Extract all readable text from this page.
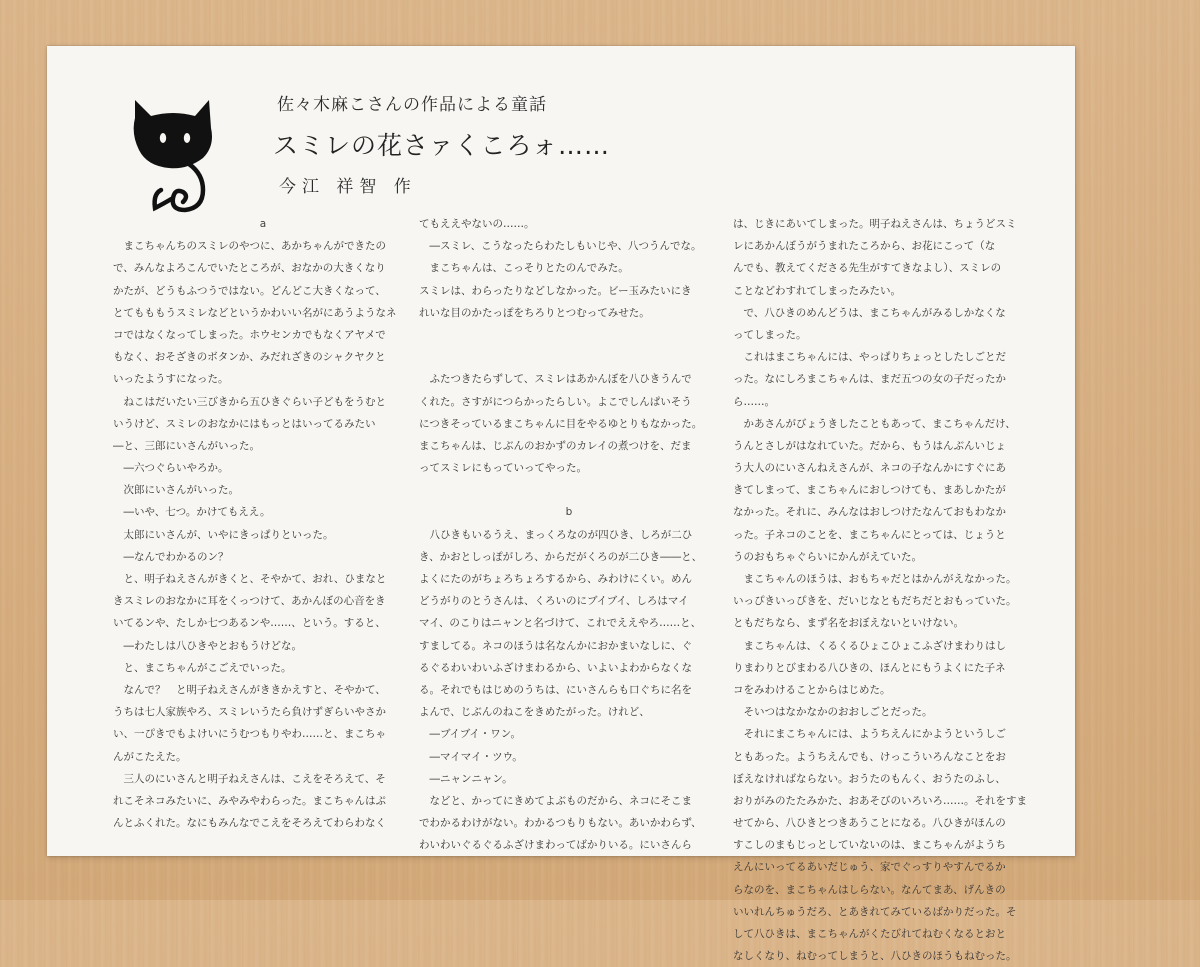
佐々木麻こさんの作品による童話
スミレの花さァくころォ……
今江 祥智 作
a
　まこちゃんちのスミレのやつに、あかちゃんができたの
で、みんなよろこんでいたところが、おなかの大きくなり
かたが、どうもふつうではない。どんどこ大きくなって、
とてもももうスミレなどというかわいい名がにあうようなネ
コではなくなってしまった。ホウセンカでもなくアヤメで
もなく、おそざきのボタンか、みだれざきのシャクヤクと
いったようすになった。
　ねこはだいたい三びきから五ひきぐらい子どもをうむと
いうけど、スミレのおなかにはもっとはいってるみたい
―と、三郎にいさんがいった。
　―六つぐらいやろか。
　次郎にいさんがいった。
　―いや、七つ。かけてもええ。
　太郎にいさんが、いやにきっぱりといった。
　―なんでわかるのン？
　と、明子ねえさんがきくと、そやかて、おれ、ひまなと
きスミレのおなかに耳をくっつけて、あかんぼの心音をき
いてるンや、たしか七つあるンや……、という。すると、
　―わたしは八ひきやとおもうけどな。
　と、まこちゃんがこごえでいった。
　なんで？　と明子ねえさんがききかえすと、そやかて、
うちは七人家族やろ、スミレいうたら負けずぎらいやさか
い、一ぴきでもよけいにうむつもりやわ……と、まこちゃ
んがこたえた。
　三人のにいさんと明子ねえさんは、こえをそろえて、そ
れこそネコみたいに、みやみやわらった。まこちゃんはぷ
んとふくれた。なにもみんなでこえをそろえてわらわなく
てもええやないの……。
　―スミレ、こうなったらわたしもいじや、八つうんでな。
　まこちゃんは、こっそりとたのんでみた。
スミレは、わらったりなどしなかった。ビー玉みたいにき
れいな目のかたっぽをちろりとつむってみせた。
　ふたつきたらずして、スミレはあかんぼを八ひきうんで
くれた。さすがにつらかったらしい。よこでしんぱいそう
につきそっているまこちゃんに目をやるゆとりもなかった。
まこちゃんは、じぶんのおかずのカレイの煮つけを、だま
ってスミレにもっていってやった。
b
　八ひきもいるうえ、まっくろなのが四ひき、しろが二ひ
き、かおとしっぽがしろ、からだがくろのが二ひき――と、
よくにたのがちょろちょろするから、みわけにくい。めん
どうがりのとうさんは、くろいのにブイブイ、しろはマイ
マイ、のこりはニャンと名づけて、これでええやろ……と、
すましてる。ネコのほうは名なんかにおかまいなしに、ぐ
るぐるわいわいふざけまわるから、いよいよわからなくな
る。それでもはじめのうちは、にいさんらも口ぐちに名を
よんで、じぶんのねこをきめたがった。けれど、
　―ブイブイ・ワン。
　―マイマイ・ツウ。
　―ニャンニャン。
　などと、かってにきめてよぶものだから、ネコにそこま
でわかるわけがない。わかるつもりもない。あいかわらず、
わいわいぐるぐるふざけまわってばかりいる。にいさんら
は、じきにあいてしまった。明子ねえさんは、ちょうどスミ
レにあかんぼうがうまれたころから、お花にこって（な
んでも、教えてくださる先生がすてきなよし）、スミレの
ことなどわすれてしまったみたい。
　で、八ひきのめんどうは、まこちゃんがみるしかなくな
ってしまった。
　これはまこちゃんには、やっぱりちょっとしたしごとだ
った。なにしろまこちゃんは、まだ五つの女の子だったか
ら……。
　かあさんがびょうきしたこともあって、まこちゃんだけ、
うんとさしがはなれていた。だから、もうはんぶんいじょ
う大人のにいさんねえさんが、ネコの子なんかにすぐにあ
きてしまって、まこちゃんにおしつけても、まあしかたが
なかった。それに、みんなはおしつけたなんておもわなか
った。子ネコのことを、まこちゃんにとっては、じょうと
うのおもちゃぐらいにかんがえていた。
　まこちゃんのほうは、おもちゃだとはかんがえなかった。
いっぴきいっぴきを、だいじなともだちだとおもっていた。
ともだちなら、まず名をおぼえないといけない。
　まこちゃんは、くるくるひょこひょこふざけまわりはし
りまわりとびまわる八ひきの、ほんとにもうよくにた子ネ
コをみわけることからはじめた。
　そいつはなかなかのおおしごとだった。
　それにまこちゃんには、ようちえんにかようというしご
ともあった。ようちえんでも、けっこういろんなことをお
ぼえなければならない。おうたのもんく、おうたのふし、
おりがみのたたみかた、おあそびのいろいろ……。それをすま
せてから、八ひきとつきあうことになる。八ひきがほんの
すこしのまもじっとしていないのは、まこちゃんがようち
えんにいってるあいだじゅう、家でぐっすりやすんでるか
らなのを、まこちゃんはしらない。なんてまあ、げんきの
いいれんちゅうだろ、とあきれてみているばかりだった。そ
して八ひきは、まこちゃんがくたびれてねむくなるとおと
なしくなり、ねむってしまうと、八ひきのほうもねむった。
